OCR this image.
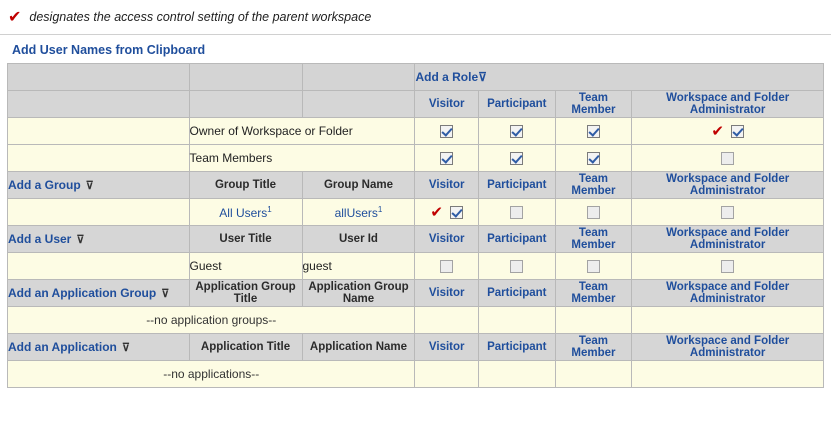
✔ designates the access control setting of the parent workspace
Add User Names from Clipboard
			Add a Role⊽			
			Visitor	Participant	Team Member	Workspace and Folder Administrator
	Owner of Workspace or Folder					✔
	Team Members					
Add a Group ⊽	Group Title	Group Name	Visitor	Participant	Team Member	Workspace and Folder Administrator
	All Users$^1$	allUsers$^1$	✔			
Add a User ⊽	User Title	User Id	Visitor	Participant	Team Member	Workspace and Folder Administrator
	Guest	guest				
Add an Application Group ⊽	Application Group Title	Application Group Name	Visitor	Participant	Team Member	Workspace and Folder Administrator
--no application groups--						
Add an Application ⊽	Application Title	Application Name	Visitor	Participant	Team Member	Workspace and Folder Administrator
--no applications--						
